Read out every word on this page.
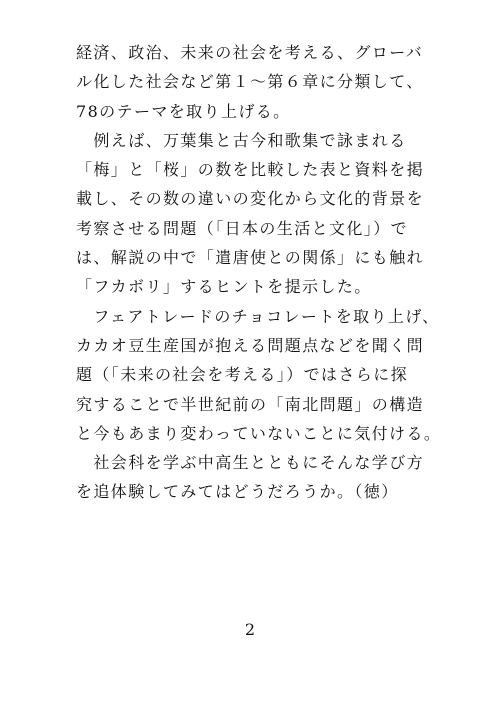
経済、政治、未来の社会を考える、グローバ
ル化した社会など第１～第６章に分類して、
78のテーマを取り上げる。
　例えば、万葉集と古今和歌集で詠まれる
「梅」と「桜」の数を比較した表と資料を掲
載し、その数の違いの変化から文化的背景を
考察させる問題（「日本の生活と文化」）で
は、解説の中で「遣唐使との関係」にも触れ
「フカボリ」するヒントを提示した。
　フェアトレードのチョコレートを取り上げ、
カカオ豆生産国が抱える問題点などを聞く問
題（「未来の社会を考える」）ではさらに探
究することで半世紀前の「南北問題」の構造
と今もあまり変わっていないことに気付ける。
　社会科を学ぶ中高生とともにそんな学び方
を追体験してみてはどうだろうか。（徳）
2
